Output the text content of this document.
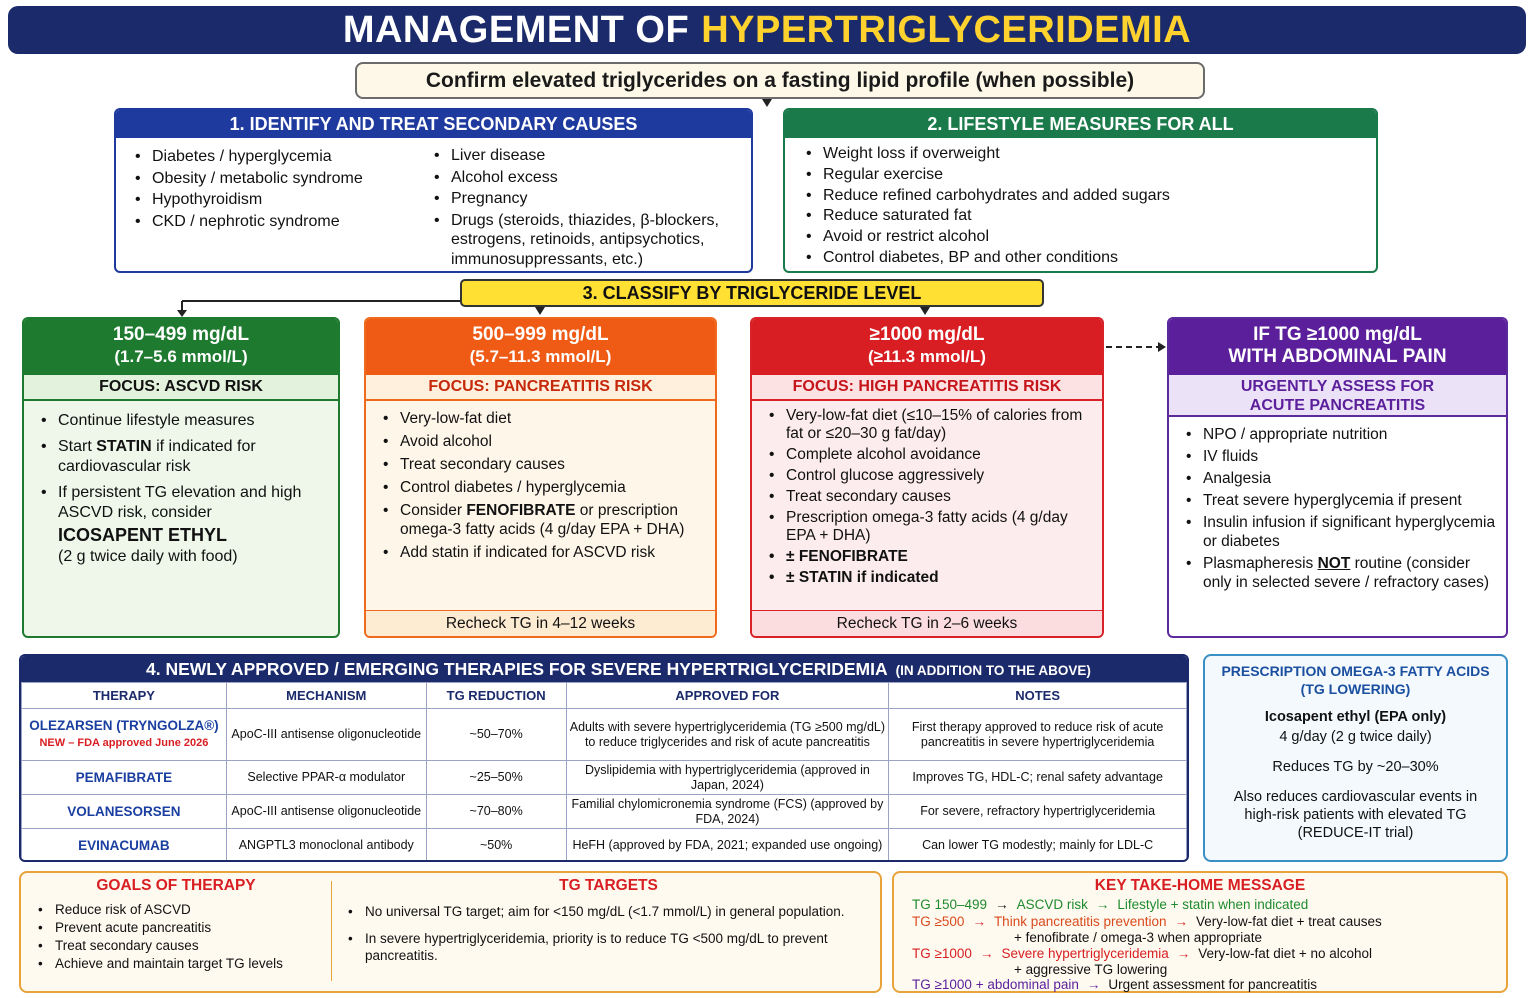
MANAGEMENT OF HYPERTRIGLYCERIDEMIA
Confirm elevated triglycerides on a fasting lipid profile (when possible)
1. IDENTIFY AND TREAT SECONDARY CAUSES
• Diabetes / hyperglycemia
• Obesity / metabolic syndrome
• Hypothyroidism
• CKD / nephrotic syndrome
• Liver disease
• Alcohol excess
• Pregnancy
• Drugs (steroids, thiazides, β-blockers, estrogens, retinoids, antipsychotics, immunosuppressants, etc.)
2. LIFESTYLE MEASURES FOR ALL
• Weight loss if overweight
• Regular exercise
• Reduce refined carbohydrates and added sugars
• Reduce saturated fat
• Avoid or restrict alcohol
• Control diabetes, BP and other conditions
3. CLASSIFY BY TRIGLYCERIDE LEVEL
150–499 mg/dL
(1.7–5.6 mmol/L)
FOCUS: ASCVD RISK
• Continue lifestyle measures
• Start STATIN if indicated for cardiovascular risk
• If persistent TG elevation and high ASCVD risk, consider
ICOSAPENT ETHYL
(2 g twice daily with food)
500–999 mg/dL
(5.7–11.3 mmol/L)
FOCUS: PANCREATITIS RISK
• Very-low-fat diet
• Avoid alcohol
• Treat secondary causes
• Control diabetes / hyperglycemia
• Consider FENOFIBRATE or prescription omega-3 fatty acids (4 g/day EPA + DHA)
• Add statin if indicated for ASCVD risk
Recheck TG in 4–12 weeks
≥1000 mg/dL
(≥11.3 mmol/L)
FOCUS: HIGH PANCREATITIS RISK
• Very-low-fat diet (≤10–15% of calories from fat or ≤20–30 g fat/day)
• Complete alcohol avoidance
• Control glucose aggressively
• Treat secondary causes
• Prescription omega-3 fatty acids (4 g/day EPA + DHA)
• ± FENOFIBRATE
• ± STATIN if indicated
Recheck TG in 2–6 weeks
IF TG ≥1000 mg/dL
WITH ABDOMINAL PAIN
URGENTLY ASSESS FOR
ACUTE PANCREATITIS
• NPO / appropriate nutrition
• IV fluids
• Analgesia
• Treat severe hyperglycemia if present
• Insulin infusion if significant hyperglycemia or diabetes
• Plasmapheresis NOT routine (consider only in selected severe / refractory cases)
4. NEWLY APPROVED / EMERGING THERAPIES FOR SEVERE HYPERTRIGLYCERIDEMIA (IN ADDITION TO THE ABOVE)
THERAPY	MECHANISM	TG REDUCTION	APPROVED FOR	NOTES
OLEZARSEN (TRYNGOLZA®)
NEW – FDA approved June 2026	ApoC-III antisense oligonucleotide	~50–70%	Adults with severe hypertriglyceridemia (TG ≥500 mg/dL) to reduce triglycerides and risk of acute pancreatitis	First therapy approved to reduce risk of acute pancreatitis in severe hypertriglyceridemia
PEMAFIBRATE	Selective PPAR-α modulator	~25–50%	Dyslipidemia with hypertriglyceridemia (approved in Japan, 2024)	Improves TG, HDL-C; renal safety advantage
VOLANESORSEN	ApoC-III antisense oligonucleotide	~70–80%	Familial chylomicronemia syndrome (FCS) (approved by FDA, 2024)	For severe, refractory hypertriglyceridemia
EVINACUMAB	ANGPTL3 monoclonal antibody	~50%	HeFH (approved by FDA, 2021; expanded use ongoing)	Can lower TG modestly; mainly for LDL-C
PRESCRIPTION OMEGA-3 FATTY ACIDS
(TG LOWERING)

Icosapent ethyl (EPA only)

4 g/day (2 g twice daily)

Reduces TG by ~20–30%

Also reduces cardiovascular events in high-risk patients with elevated TG (REDUCE-IT trial)

GOALS OF THERAPY
• Reduce risk of ASCVD
• Prevent acute pancreatitis
• Treat secondary causes
• Achieve and maintain target TG levels
TG TARGETS
• No universal TG target; aim for <150 mg/dL (<1.7 mmol/L) in general population.
• In severe hypertriglyceridemia, priority is to reduce TG <500 mg/dL to prevent pancreatitis.
KEY TAKE-HOME MESSAGE
TG 150–499 → ASCVD risk → Lifestyle + statin when indicated
TG ≥500 → Think pancreatitis prevention → Very-low-fat diet + treat causes
+ fenofibrate / omega-3 when appropriate
TG ≥1000 → Severe hypertriglyceridemia → Very-low-fat diet + no alcohol
+ aggressive TG lowering
TG ≥1000 + abdominal pain → Urgent assessment for pancreatitis
